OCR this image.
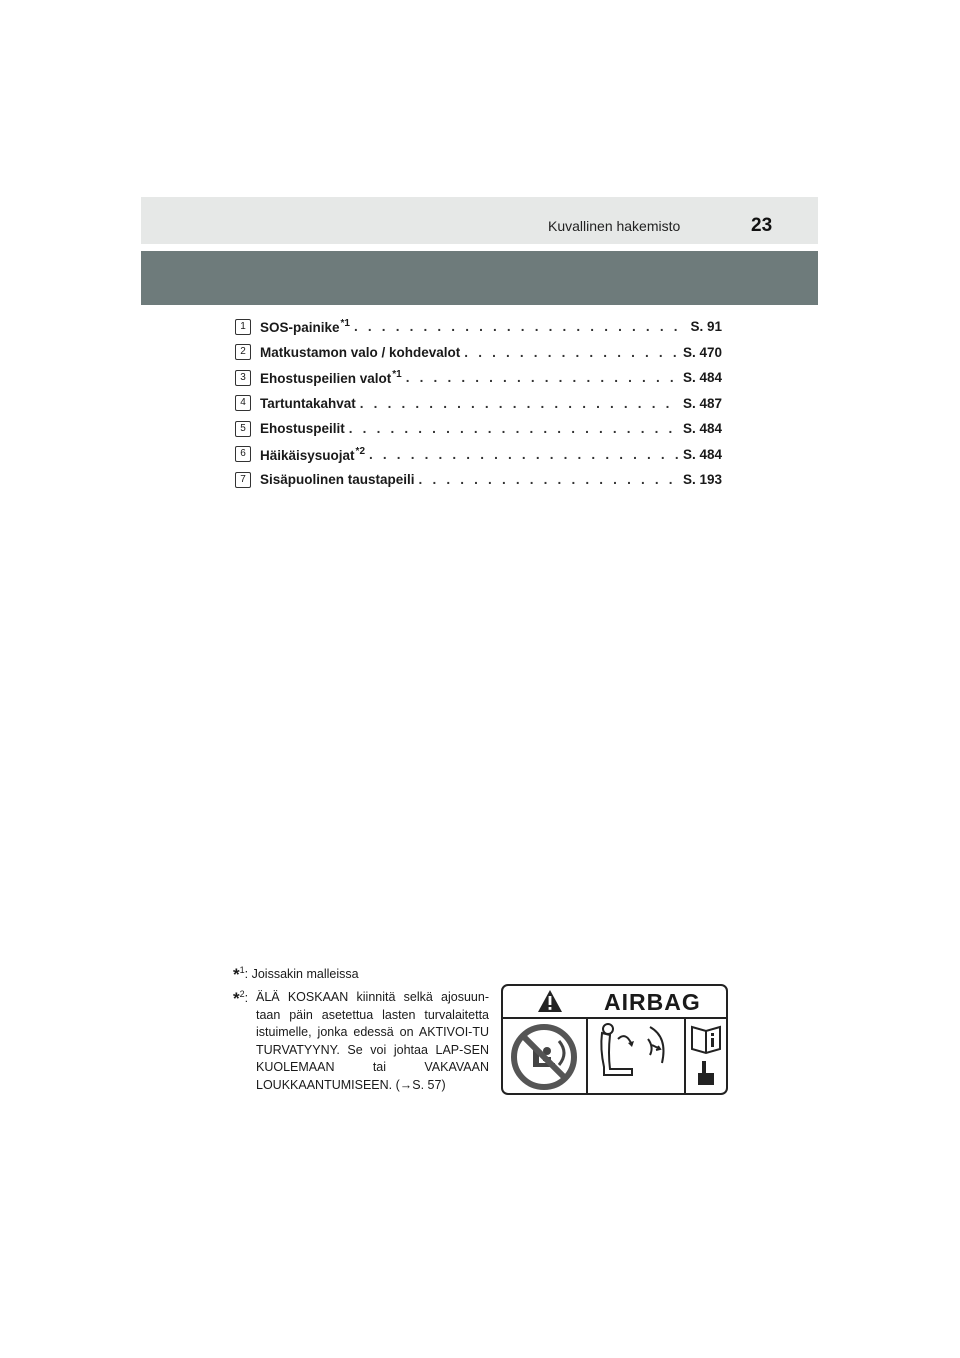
Kuvallinen hakemisto	23
1	SOS-painike$^{*1}$ . . .	S. 91
2	Matkustamon valo / kohdevalot . . .	S. 470
3	Ehostuspeilien valot$^{*1}$ . . .	S. 484
4	Tartuntakahvat . . .	S. 487
5	Ehostuspeilit . . .	S. 484
6	Häikäisysuojat$^{*2}$ . . .	S. 484
7	Sisäpuolinen taustapeili . . .	S. 193
*$^1$: Joissakin malleissa
*$^2$: ÄLÄ KOSKAAN kiinnitä selkä ajosuun-taan päin asetettua lasten turvalaitetta istuimelle, jonka edessä on AKTIVOI-TU TURVATYYNY. Se voi johtaa LAP-SEN KUOLEMAAN tai VAKAVAAN LOUKKAANTUMISEEN. (→S. 57)
AIRBAG
